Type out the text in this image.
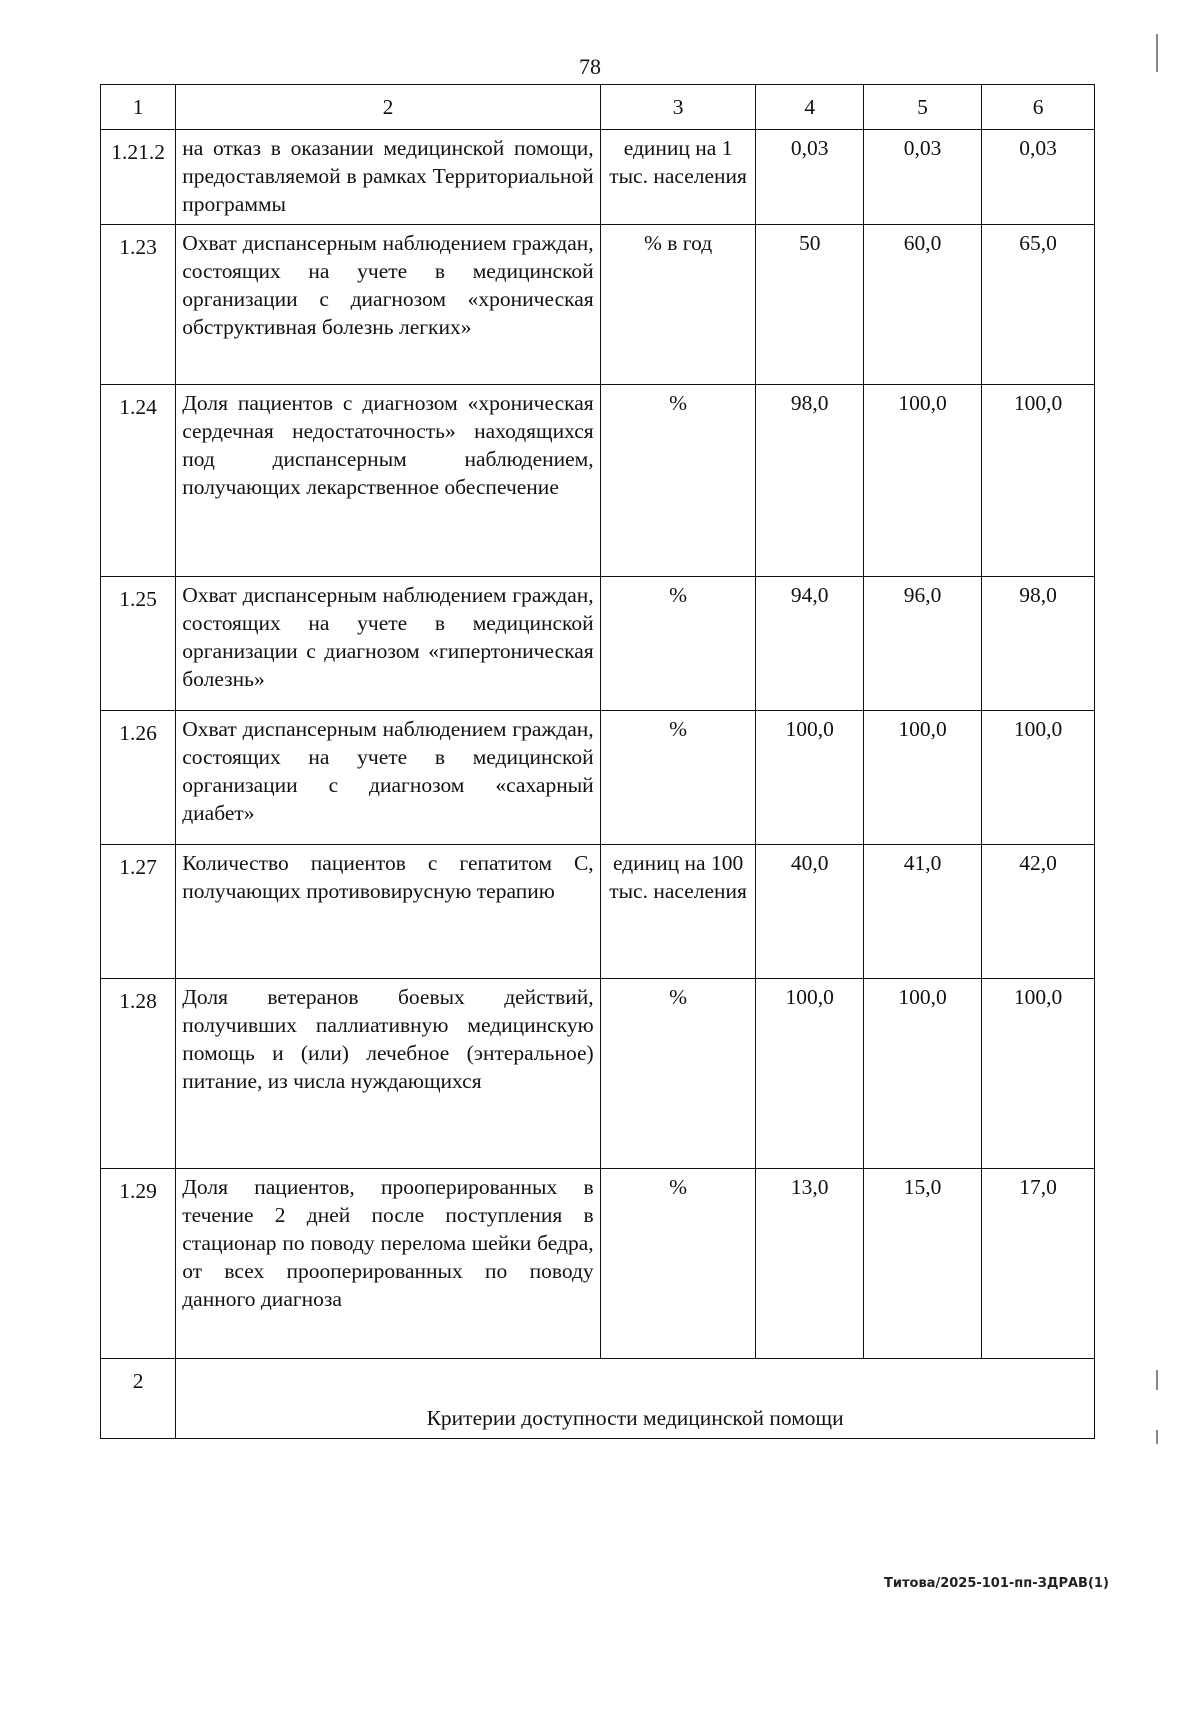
78
1	2	3	4	5	6
1.21.2	на отказ в оказании медицинской помощи, предоставляемой в рамках Территориальной программы	единиц на 1 тыс. населения	0,03	0,03	0,03
1.23	Охват диспансерным наблюдением граждан, состоящих на учете в медицинской организации с диагнозом «хроническая обструктивная болезнь легких»	% в год	50	60,0	65,0
1.24	Доля пациентов с диагнозом «хроническая сердечная недостаточность» находящихся под диспансерным наблюдением, получающих лекарственное обеспечение	%	98,0	100,0	100,0
1.25	Охват диспансерным наблюдением граждан, состоящих на учете в медицинской организации с диагнозом «гипертоническая болезнь»	%	94,0	96,0	98,0
1.26	Охват диспансерным наблюдением граждан, состоящих на учете в медицинской организации с диагнозом «сахарный диабет»	%	100,0	100,0	100,0
1.27	Количество пациентов с гепатитом С, получающих противовирусную терапию	единиц на 100 тыс. населения	40,0	41,0	42,0
1.28	Доля ветеранов боевых действий, получивших паллиативную медицинскую помощь и (или) лечебное (энтеральное) питание, из числа нуждающихся	%	100,0	100,0	100,0
1.29	Доля пациентов, прооперированных в течение 2 дней после поступления в стационар по поводу перелома шейки бедра, от всех прооперированных по поводу данного диагноза	%	13,0	15,0	17,0
2	Критерии доступности медицинской помощи				
Титова/2025-101-пп-ЗДРАВ(1)
